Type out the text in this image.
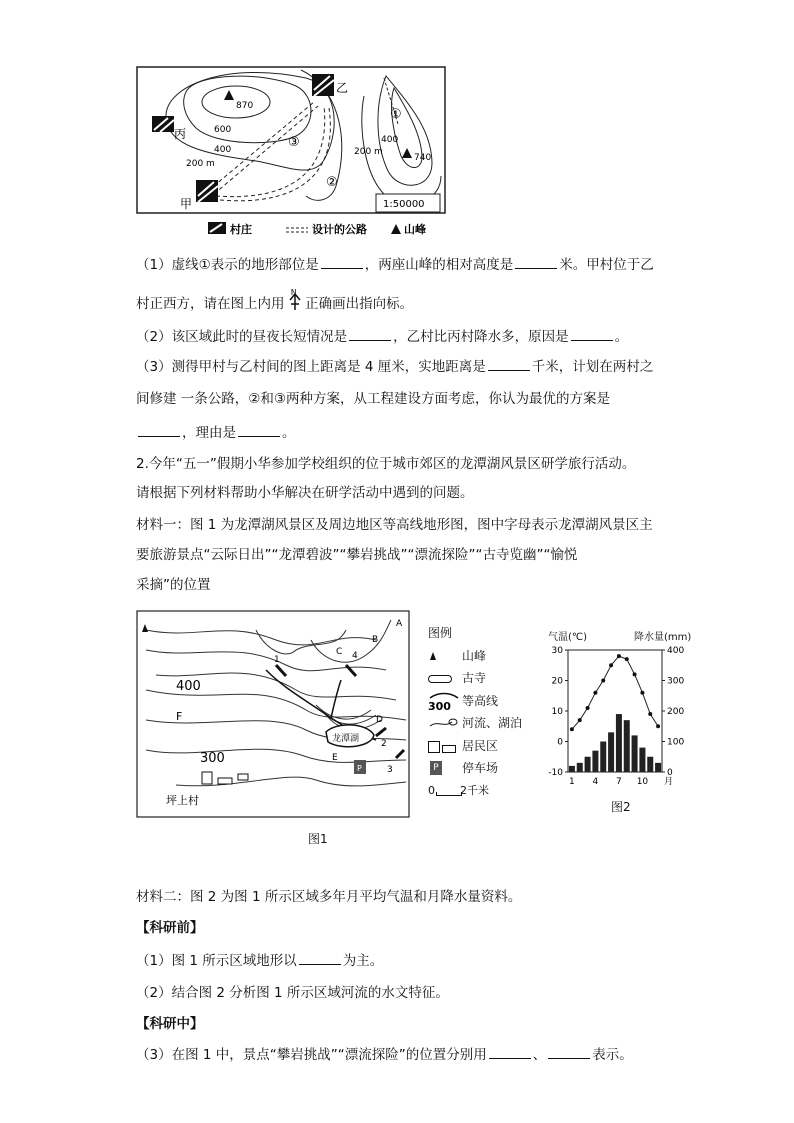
870
740
600
400
200 m
400
200 m
①
②
③
甲
乙
丙
1:50000
村庄	设计的公路	山峰
（1）虚线①表示的地形部位是	，两座山峰的相对高度是	米。甲村位于乙
村正西方，请在图上内用
N
正确画出指向标。
（2）该区域此时的昼夜长短情况是	，乙村比丙村降水多，原因是	。
（3）测得甲村与乙村间的图上距离是 4 厘米，实地距离是	千米，计划在两村之
间修建 一条公路，②和③两种方案，从工程建设方面考虑，你认为最优的方案是
，理由是	。
2.今年“五一”假期小华参加学校组织的位于城市郊区的龙潭湖风景区研学旅行活动。
请根据下列材料帮助小华解决在研学活动中遇到的问题。
材料一：图 1 为龙潭湖风景区及周边地区等高线地形图，图中字母表示龙潭湖风景区主
要旅游景点“云际日出”“龙潭碧波”“攀岩挑战”“漂流探险”“古寺览幽”“愉悦
采摘”的位置
400
300
F
A
B
C
D
E
1
2
3
4
龙潭湖
坪上村
P
图1
图例
山峰
古寺
300 等高线
河流、湖泊
居民区
P 停车场
0 2千米
气温(℃)	降水量(mm)
30
20
10
0
-10
400
300
200
100
0
1 4 7 10 月
图2
材料二：图 2 为图 1 所示区域多年月平均气温和月降水量资料。
【科研前】
（1）图 1 所示区域地形以	为主。
（2）结合图 2 分析图 1 所示区域河流的水文特征。
【科研中】
（3）在图 1 中，景点“攀岩挑战”“漂流探险”的位置分别用	、	表示。
